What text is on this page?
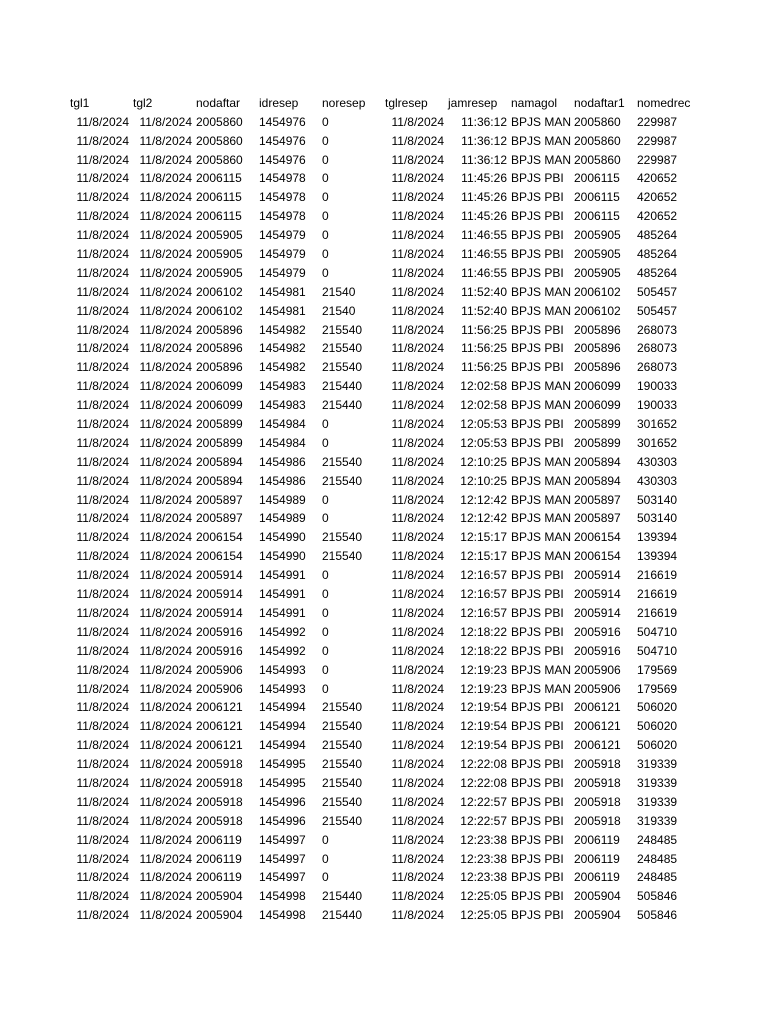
tgl1	tgl2	nodaftar	idresep	noresep	tglresep	jamresep	namagol	nodaftar1	nomedrec
11/8/2024	11/8/2024	2005860	1454976	0	11/8/2024	11:36:12	BPJS MAN	2005860	229987
11/8/2024	11/8/2024	2005860	1454976	0	11/8/2024	11:36:12	BPJS MAN	2005860	229987
11/8/2024	11/8/2024	2005860	1454976	0	11/8/2024	11:36:12	BPJS MAN	2005860	229987
11/8/2024	11/8/2024	2006115	1454978	0	11/8/2024	11:45:26	BPJS PBI	2006115	420652
11/8/2024	11/8/2024	2006115	1454978	0	11/8/2024	11:45:26	BPJS PBI	2006115	420652
11/8/2024	11/8/2024	2006115	1454978	0	11/8/2024	11:45:26	BPJS PBI	2006115	420652
11/8/2024	11/8/2024	2005905	1454979	0	11/8/2024	11:46:55	BPJS PBI	2005905	485264
11/8/2024	11/8/2024	2005905	1454979	0	11/8/2024	11:46:55	BPJS PBI	2005905	485264
11/8/2024	11/8/2024	2005905	1454979	0	11/8/2024	11:46:55	BPJS PBI	2005905	485264
11/8/2024	11/8/2024	2006102	1454981	21540	11/8/2024	11:52:40	BPJS MAN	2006102	505457
11/8/2024	11/8/2024	2006102	1454981	21540	11/8/2024	11:52:40	BPJS MAN	2006102	505457
11/8/2024	11/8/2024	2005896	1454982	215540	11/8/2024	11:56:25	BPJS PBI	2005896	268073
11/8/2024	11/8/2024	2005896	1454982	215540	11/8/2024	11:56:25	BPJS PBI	2005896	268073
11/8/2024	11/8/2024	2005896	1454982	215540	11/8/2024	11:56:25	BPJS PBI	2005896	268073
11/8/2024	11/8/2024	2006099	1454983	215440	11/8/2024	12:02:58	BPJS MAN	2006099	190033
11/8/2024	11/8/2024	2006099	1454983	215440	11/8/2024	12:02:58	BPJS MAN	2006099	190033
11/8/2024	11/8/2024	2005899	1454984	0	11/8/2024	12:05:53	BPJS PBI	2005899	301652
11/8/2024	11/8/2024	2005899	1454984	0	11/8/2024	12:05:53	BPJS PBI	2005899	301652
11/8/2024	11/8/2024	2005894	1454986	215540	11/8/2024	12:10:25	BPJS MAN	2005894	430303
11/8/2024	11/8/2024	2005894	1454986	215540	11/8/2024	12:10:25	BPJS MAN	2005894	430303
11/8/2024	11/8/2024	2005897	1454989	0	11/8/2024	12:12:42	BPJS MAN	2005897	503140
11/8/2024	11/8/2024	2005897	1454989	0	11/8/2024	12:12:42	BPJS MAN	2005897	503140
11/8/2024	11/8/2024	2006154	1454990	215540	11/8/2024	12:15:17	BPJS MAN	2006154	139394
11/8/2024	11/8/2024	2006154	1454990	215540	11/8/2024	12:15:17	BPJS MAN	2006154	139394
11/8/2024	11/8/2024	2005914	1454991	0	11/8/2024	12:16:57	BPJS PBI	2005914	216619
11/8/2024	11/8/2024	2005914	1454991	0	11/8/2024	12:16:57	BPJS PBI	2005914	216619
11/8/2024	11/8/2024	2005914	1454991	0	11/8/2024	12:16:57	BPJS PBI	2005914	216619
11/8/2024	11/8/2024	2005916	1454992	0	11/8/2024	12:18:22	BPJS PBI	2005916	504710
11/8/2024	11/8/2024	2005916	1454992	0	11/8/2024	12:18:22	BPJS PBI	2005916	504710
11/8/2024	11/8/2024	2005906	1454993	0	11/8/2024	12:19:23	BPJS MAN	2005906	179569
11/8/2024	11/8/2024	2005906	1454993	0	11/8/2024	12:19:23	BPJS MAN	2005906	179569
11/8/2024	11/8/2024	2006121	1454994	215540	11/8/2024	12:19:54	BPJS PBI	2006121	506020
11/8/2024	11/8/2024	2006121	1454994	215540	11/8/2024	12:19:54	BPJS PBI	2006121	506020
11/8/2024	11/8/2024	2006121	1454994	215540	11/8/2024	12:19:54	BPJS PBI	2006121	506020
11/8/2024	11/8/2024	2005918	1454995	215540	11/8/2024	12:22:08	BPJS PBI	2005918	319339
11/8/2024	11/8/2024	2005918	1454995	215540	11/8/2024	12:22:08	BPJS PBI	2005918	319339
11/8/2024	11/8/2024	2005918	1454996	215540	11/8/2024	12:22:57	BPJS PBI	2005918	319339
11/8/2024	11/8/2024	2005918	1454996	215540	11/8/2024	12:22:57	BPJS PBI	2005918	319339
11/8/2024	11/8/2024	2006119	1454997	0	11/8/2024	12:23:38	BPJS PBI	2006119	248485
11/8/2024	11/8/2024	2006119	1454997	0	11/8/2024	12:23:38	BPJS PBI	2006119	248485
11/8/2024	11/8/2024	2006119	1454997	0	11/8/2024	12:23:38	BPJS PBI	2006119	248485
11/8/2024	11/8/2024	2005904	1454998	215440	11/8/2024	12:25:05	BPJS PBI	2005904	505846
11/8/2024	11/8/2024	2005904	1454998	215440	11/8/2024	12:25:05	BPJS PBI	2005904	505846
